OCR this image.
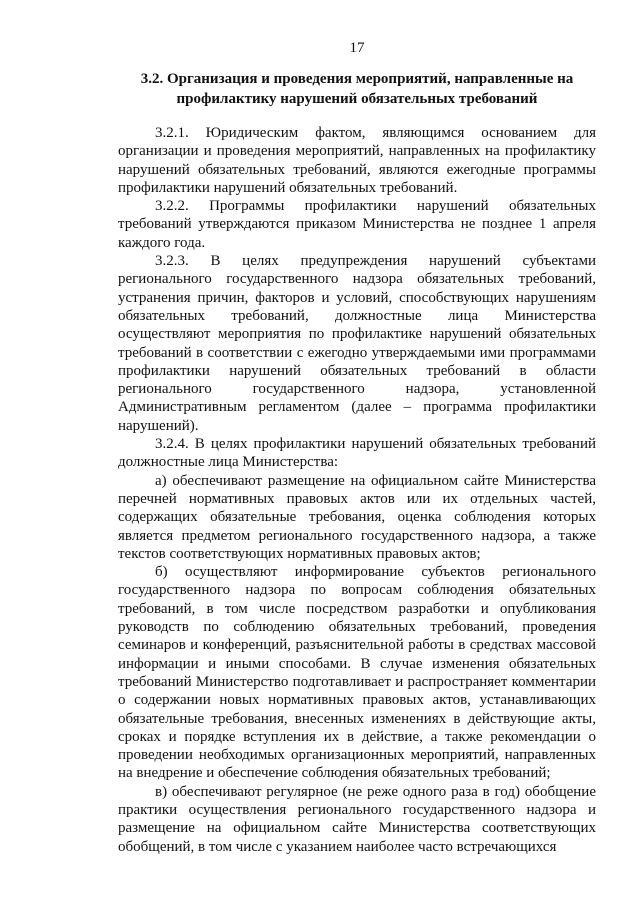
17
3.2. Организация и проведения мероприятий, направленные на профилактику нарушений обязательных требований

3.2.1. Юридическим фактом, являющимся основанием для организации и проведения мероприятий, направленных на профилактику нарушений обязательных требований, являются ежегодные программы профилактики нарушений обязательных требований.

3.2.2. Программы профилактики нарушений обязательных требований утверждаются приказом Министерства не позднее 1 апреля каждого года.

3.2.3. В целях предупреждения нарушений субъектами регионального государственного надзора обязательных требований, устранения причин, факторов и условий, способствующих нарушениям обязательных требований, должностные лица Министерства осуществляют мероприятия по профилактике нарушений обязательных требований в соответствии с ежегодно утверждаемыми ими программами профилактики нарушений обязательных требований в области регионального государственного надзора, установленной Административным регламентом (далее – программа профилактики нарушений).

3.2.4. В целях профилактики нарушений обязательных требований должностные лица Министерства:

а) обеспечивают размещение на официальном сайте Министерства перечней нормативных правовых актов или их отдельных частей, содержащих обязательные требования, оценка соблюдения которых является предметом регионального государственного надзора, а также текстов соответствующих нормативных правовых актов;

б) осуществляют информирование субъектов регионального государственного надзора по вопросам соблюдения обязательных требований, в том числе посредством разработки и опубликования руководств по соблюдению обязательных требований, проведения семинаров и конференций, разъяснительной работы в средствах массовой информации и иными способами. В случае изменения обязательных требований Министерство подготавливает и распространяет комментарии о содержании новых нормативных правовых актов, устанавливающих обязательные требования, внесенных изменениях в действующие акты, сроках и порядке вступления их в действие, а также рекомендации о проведении необходимых организационных мероприятий, направленных на внедрение и обеспечение соблюдения обязательных требований;

в) обеспечивают регулярное (не реже одного раза в год) обобщение практики осуществления регионального государственного надзора и размещение на официальном сайте Министерства соответствующих обобщений, в том числе с указанием наиболее часто встречающихся
